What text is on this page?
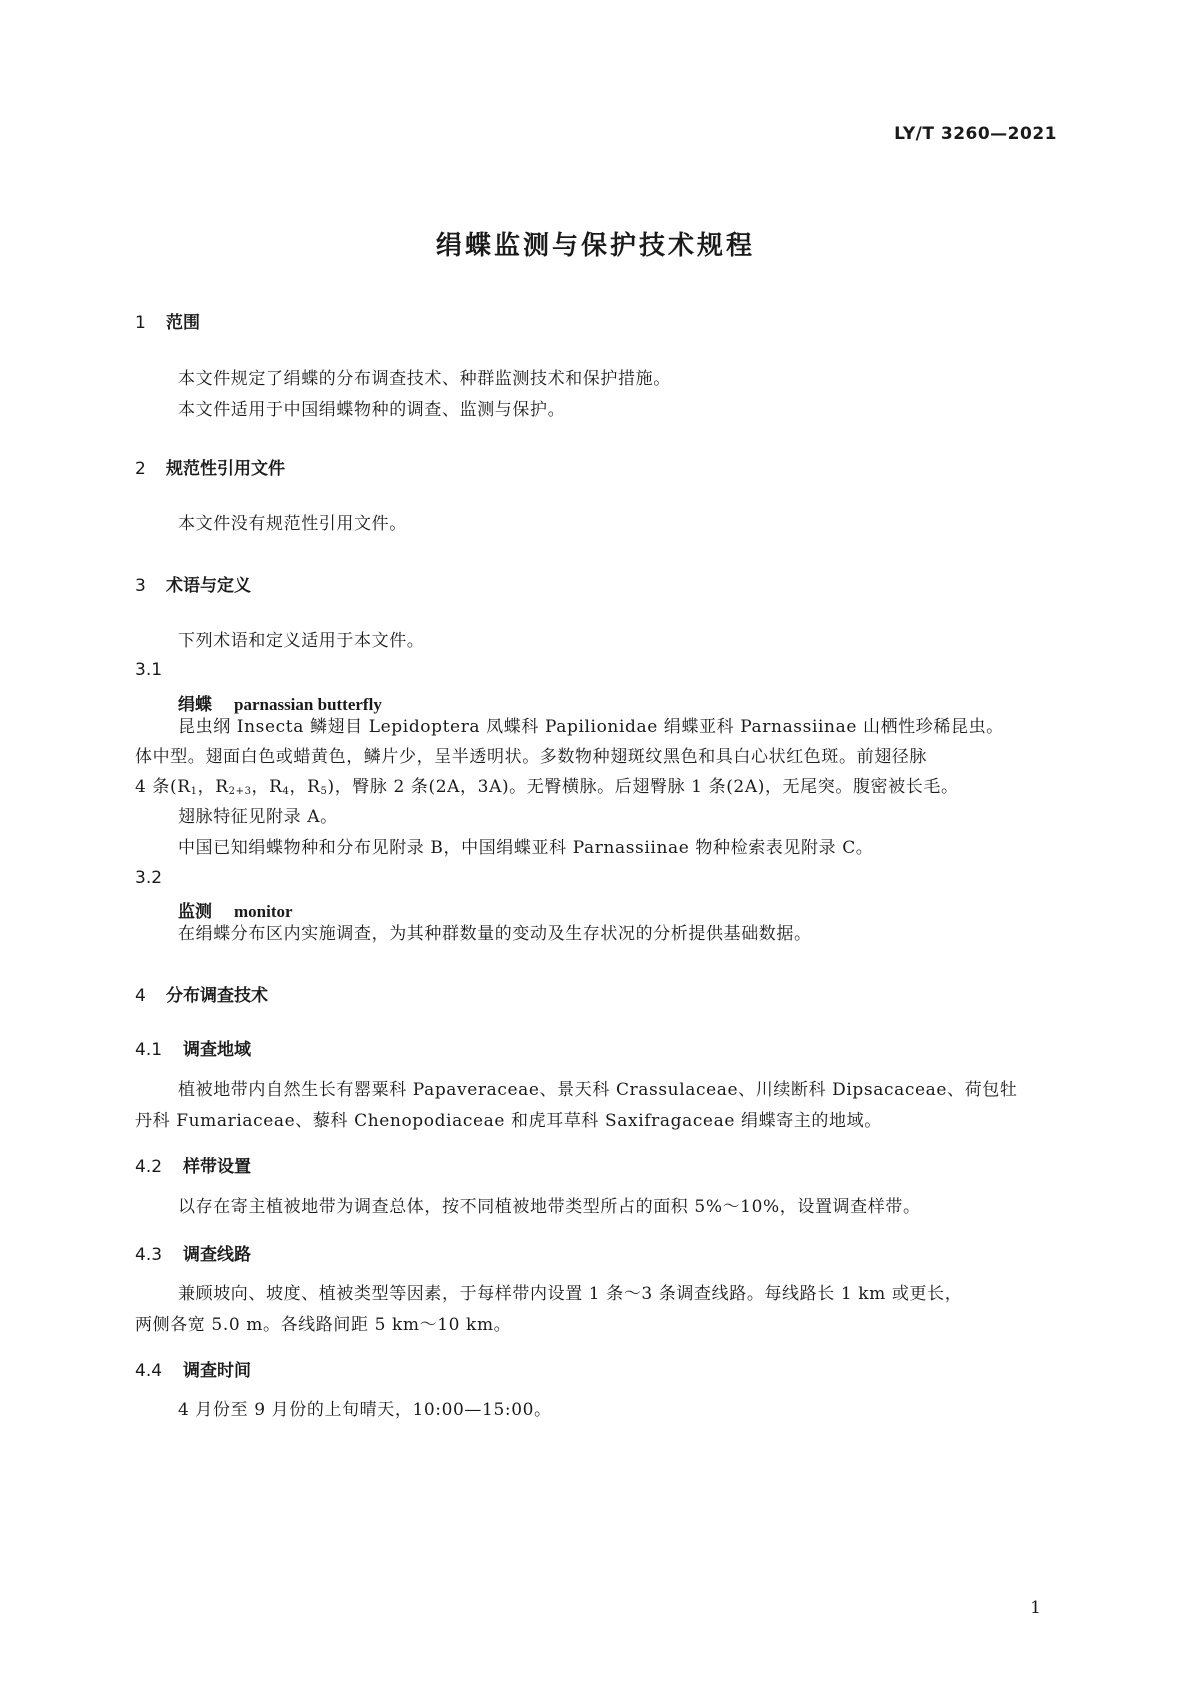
LY/T 3260—2021
绢蝶监测与保护技术规程
1 范围
本文件规定了绢蝶的分布调查技术、种群监测技术和保护措施。
本文件适用于中国绢蝶物种的调查、监测与保护。
2 规范性引用文件
本文件没有规范性引用文件。
3 术语与定义
下列术语和定义适用于本文件。
3.1
绢蝶 parnassian butterfly
昆虫纲 Insecta 鳞翅目 Lepidoptera 凤蝶科 Papilionidae 绢蝶亚科 Parnassiinae 山栖性珍稀昆虫。
体中型。翅面白色或蜡黄色，鳞片少，呈半透明状。多数物种翅斑纹黑色和具白心状红色斑。前翅径脉
4 条($R_1$，$R_{2+3}$，$R_4$，$R_5$)，臀脉 2 条(2A，3A)。无臀横脉。后翅臀脉 1 条(2A)，无尾突。腹密被长毛。
翅脉特征见附录 A。
中国已知绢蝶物种和分布见附录 B，中国绢蝶亚科 Parnassiinae 物种检索表见附录 C。
3.2
监测 monitor
在绢蝶分布区内实施调查，为其种群数量的变动及生存状况的分析提供基础数据。
4 分布调查技术
4.1 调查地域
植被地带内自然生长有罂粟科 Papaveraceae、景天科 Crassulaceae、川续断科 Dipsacaceae、荷包牡
丹科 Fumariaceae、藜科 Chenopodiaceae 和虎耳草科 Saxifragaceae 绢蝶寄主的地域。
4.2 样带设置
以存在寄主植被地带为调查总体，按不同植被地带类型所占的面积 5%～10%，设置调查样带。
4.3 调查线路
兼顾坡向、坡度、植被类型等因素，于每样带内设置 1 条～3 条调查线路。每线路长 1 km 或更长，
两侧各宽 5.0 m。各线路间距 5 km～10 km。
4.4 调查时间
4 月份至 9 月份的上旬晴天，10:00—15:00。
1
